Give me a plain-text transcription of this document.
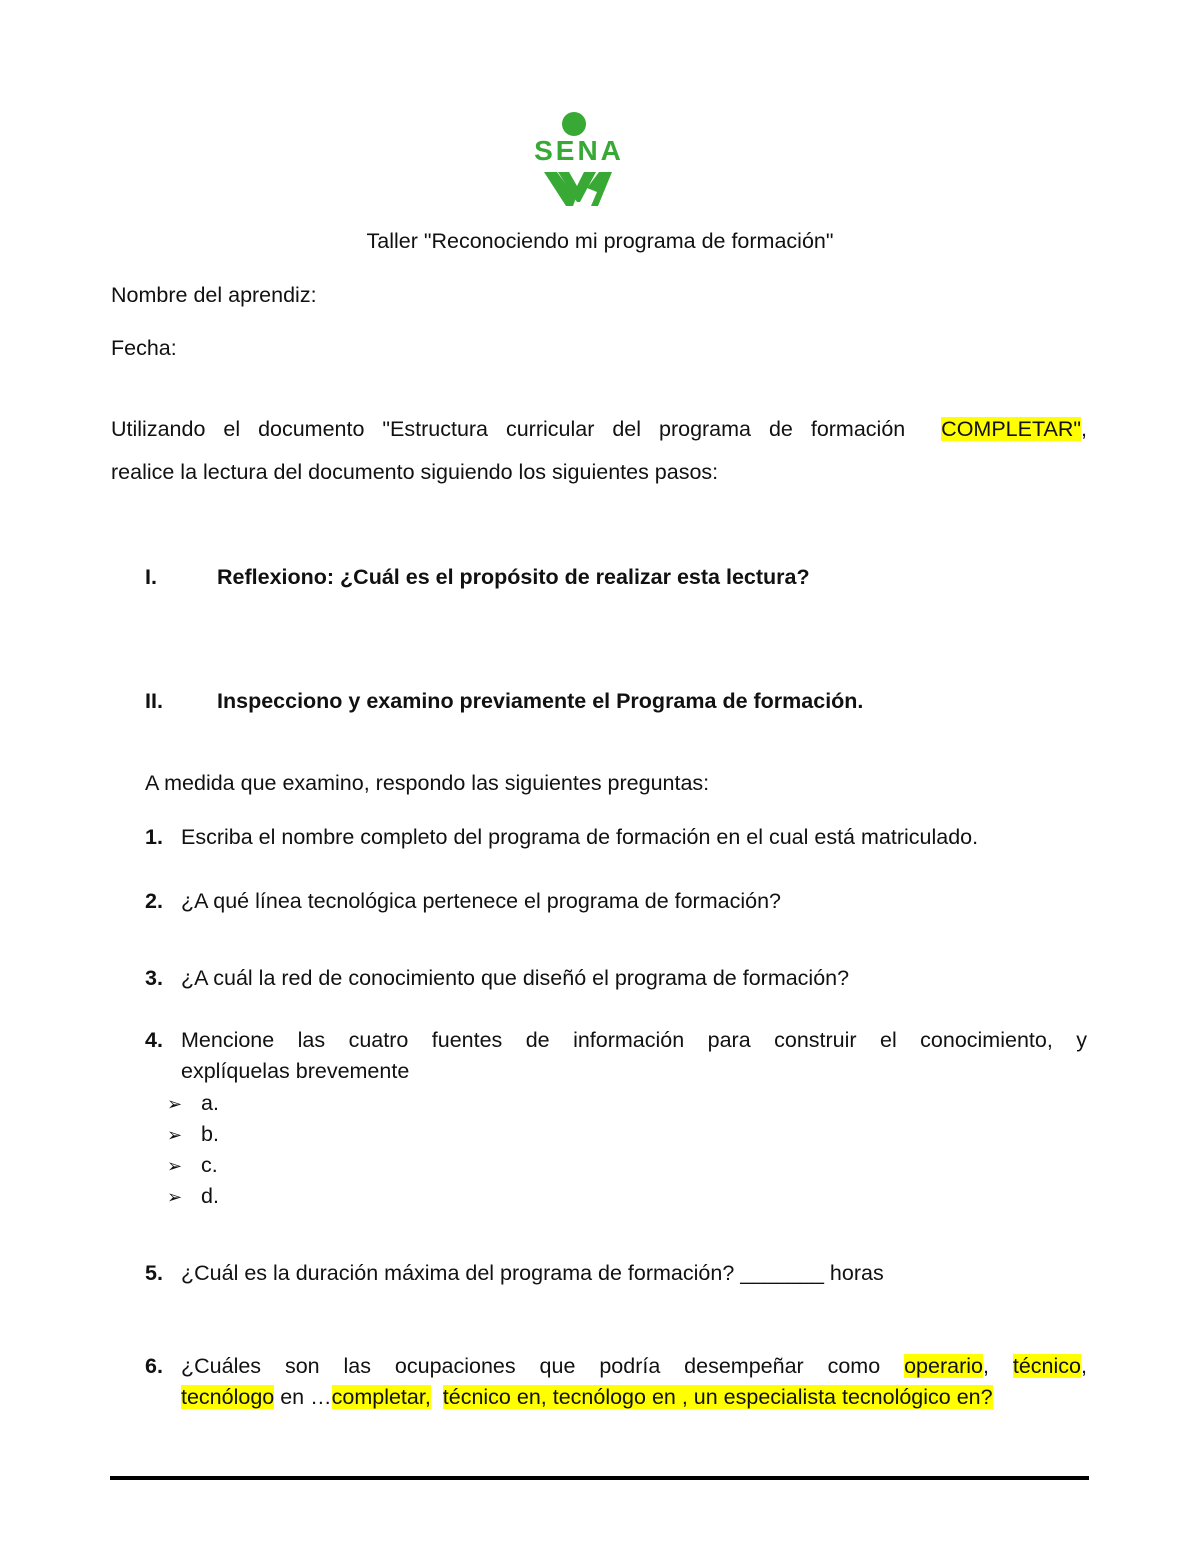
SENA
Taller "Reconociendo mi programa de formación"
Nombre del aprendiz:
Fecha:
Utilizando el documento "Estructura curricular del programa de formación COMPLETAR",
realice la lectura del documento siguiendo los siguientes pasos:
I.	Reflexiono: ¿Cuál es el propósito de realizar esta lectura?
II.	Inspecciono y examino previamente el Programa de formación.
A medida que examino, respondo las siguientes preguntas:
1. Escriba el nombre completo del programa de formación en el cual está matriculado.
2. ¿A qué línea tecnológica pertenece el programa de formación?
3. ¿A cuál la red de conocimiento que diseñó el programa de formación?
4. Mencione las cuatro fuentes de información para construir el conocimiento, y
explíquelas brevemente
➢ a.
➢ b.
➢ c.
➢ d.
5. ¿Cuál es la duración máxima del programa de formación? _______ horas
6. ¿Cuáles son las ocupaciones que podría desempeñar como operario, técnico,
tecnólogo en …completar, técnico en, tecnólogo en , un especialista tecnológico en?
